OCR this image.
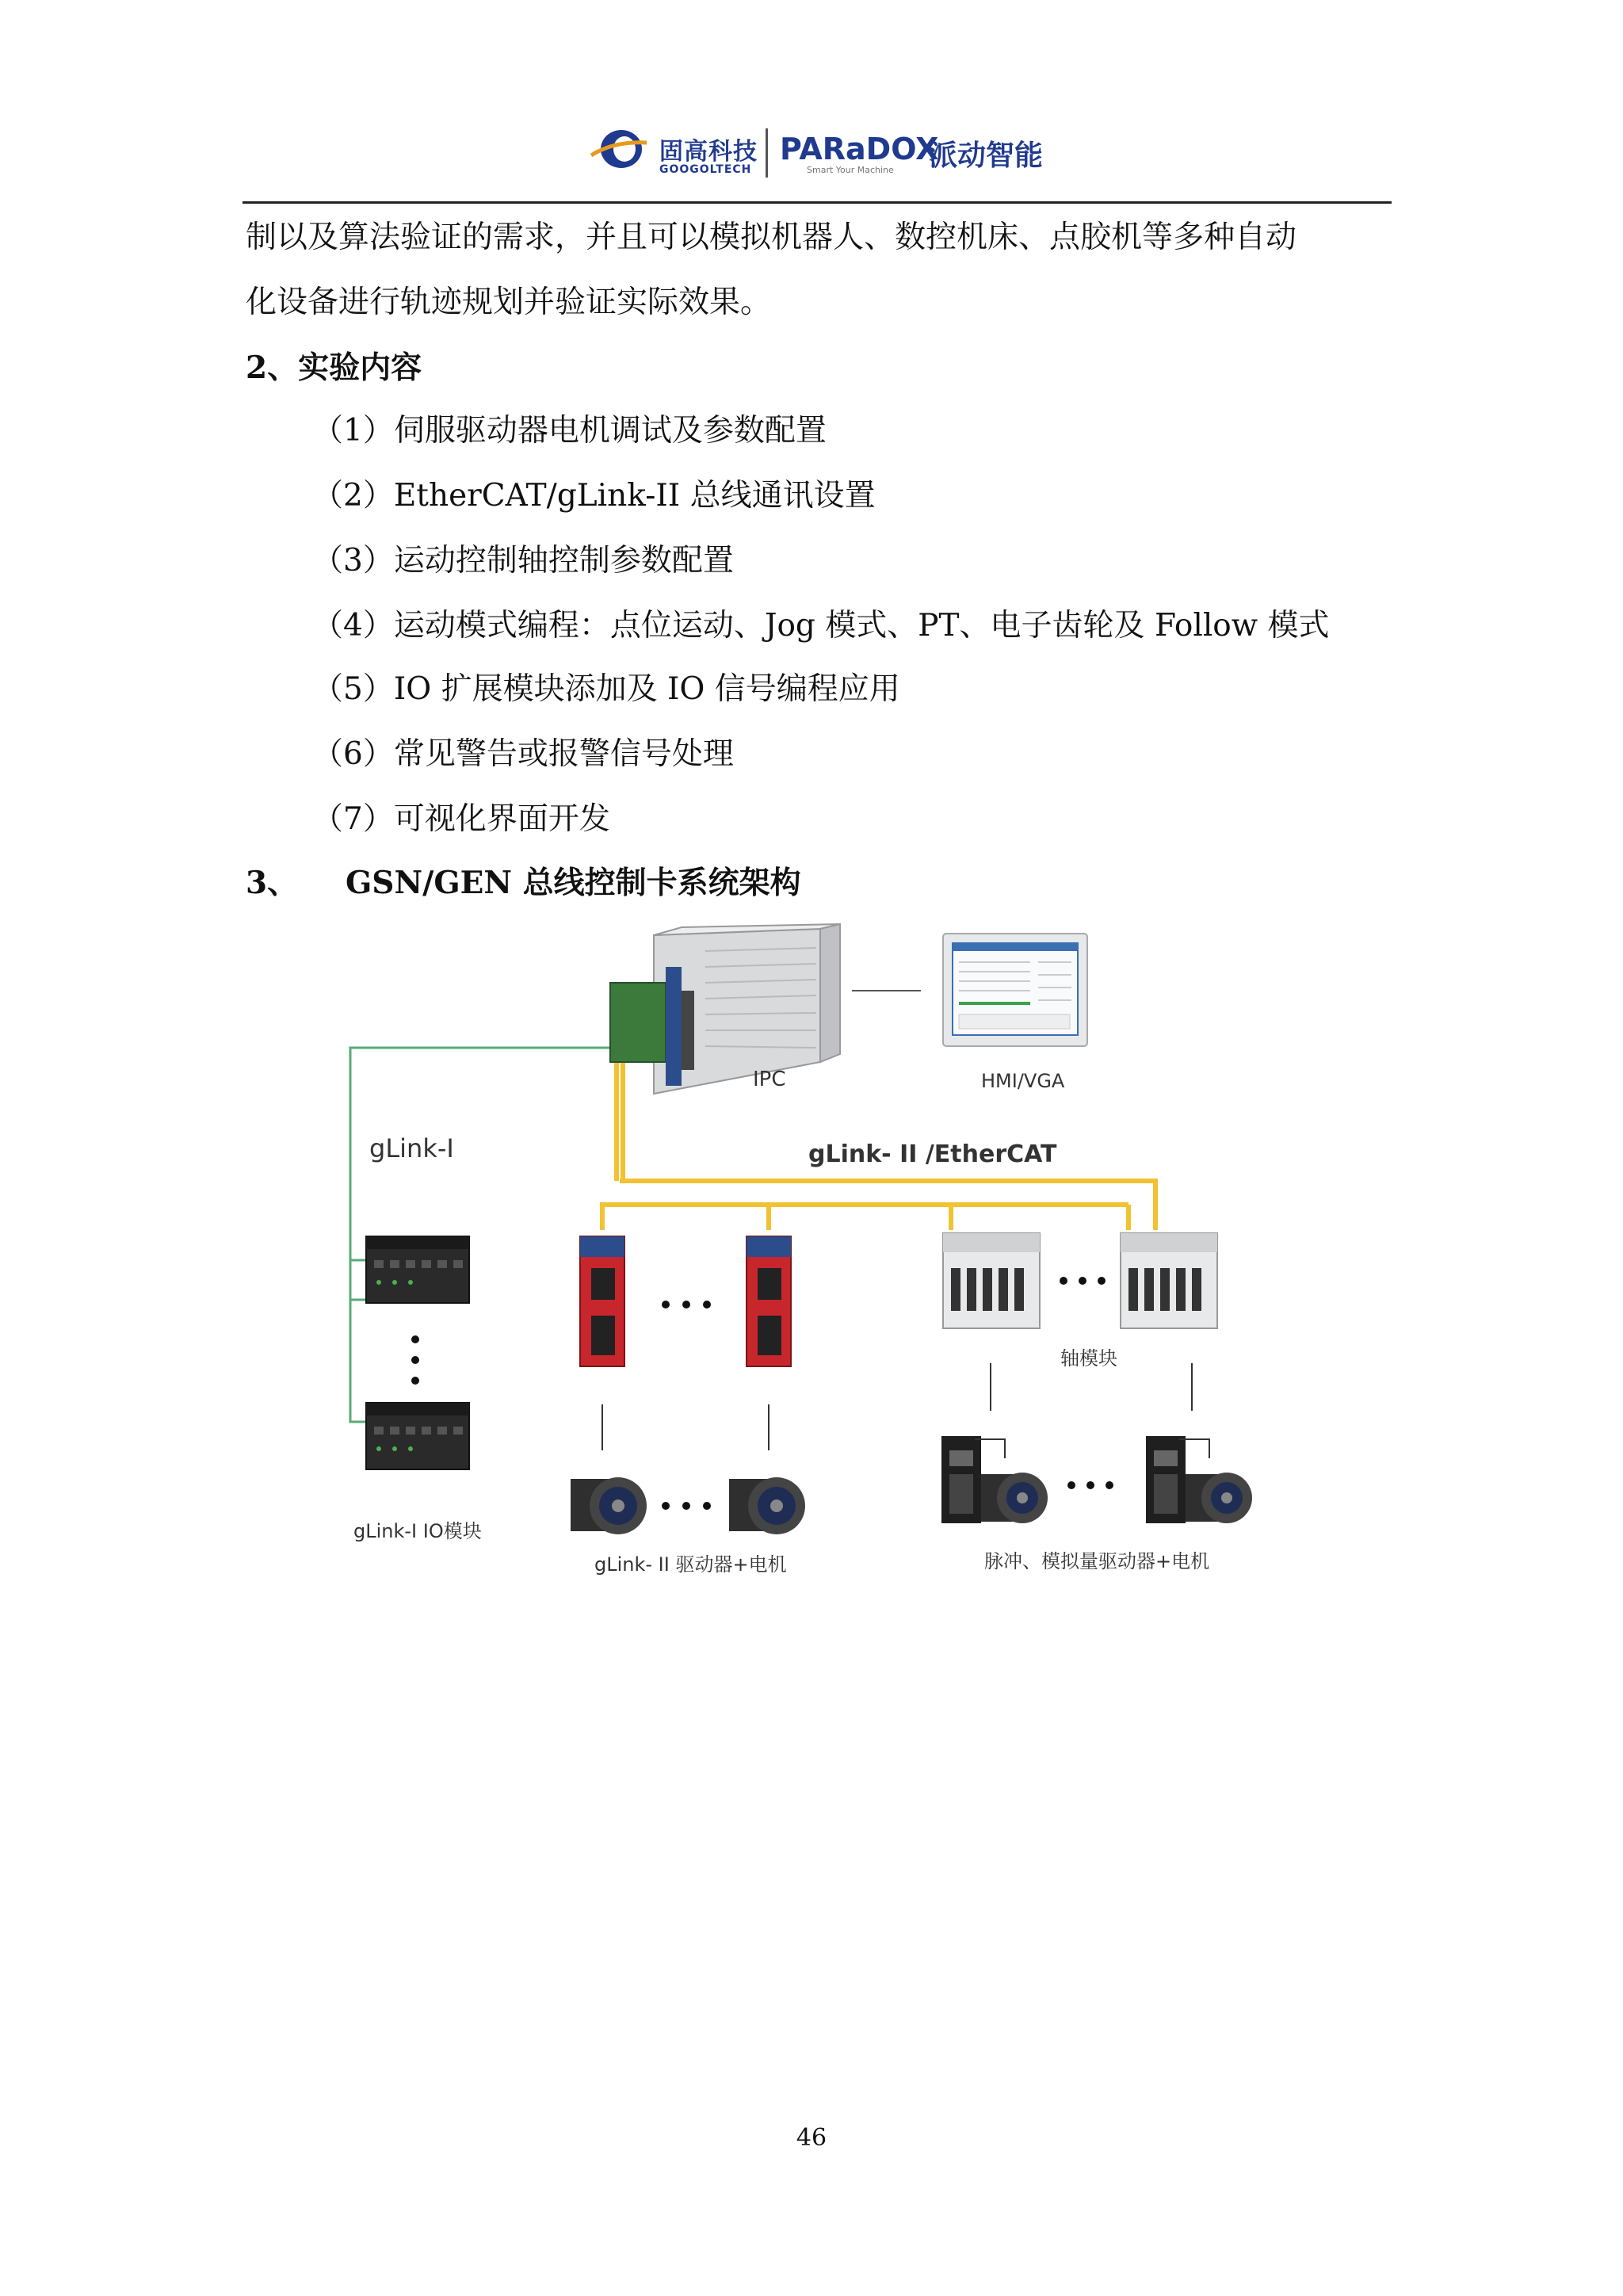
固高科技
GOOGOLTECH
PARaDOX
Smart Your Machine 派动智能
制以及算法验证的需求，并且可以模拟机器人、数控机床、点胶机等多种自动
化设备进行轨迹规划并验证实际效果。
2、实验内容
（1）伺服驱动器电机调试及参数配置
（2）EtherCAT/gLink-II 总线通讯设置
（3）运动控制轴控制参数配置
（4）运动模式编程：点位运动、Jog 模式、PT、电子齿轮及 Follow 模式
（5）IO 扩展模块添加及 IO 信号编程应用
（6）常见警告或报警信号处理
（7）可视化界面开发
3、 GSN/GEN 总线控制卡系统架构
IPC	HMI/VGA
gLink-I	gLink- II /EtherCAT
gLink-I IO模块
轴模块
gLink- II 驱动器+电机	脉冲、模拟量驱动器+电机
46
